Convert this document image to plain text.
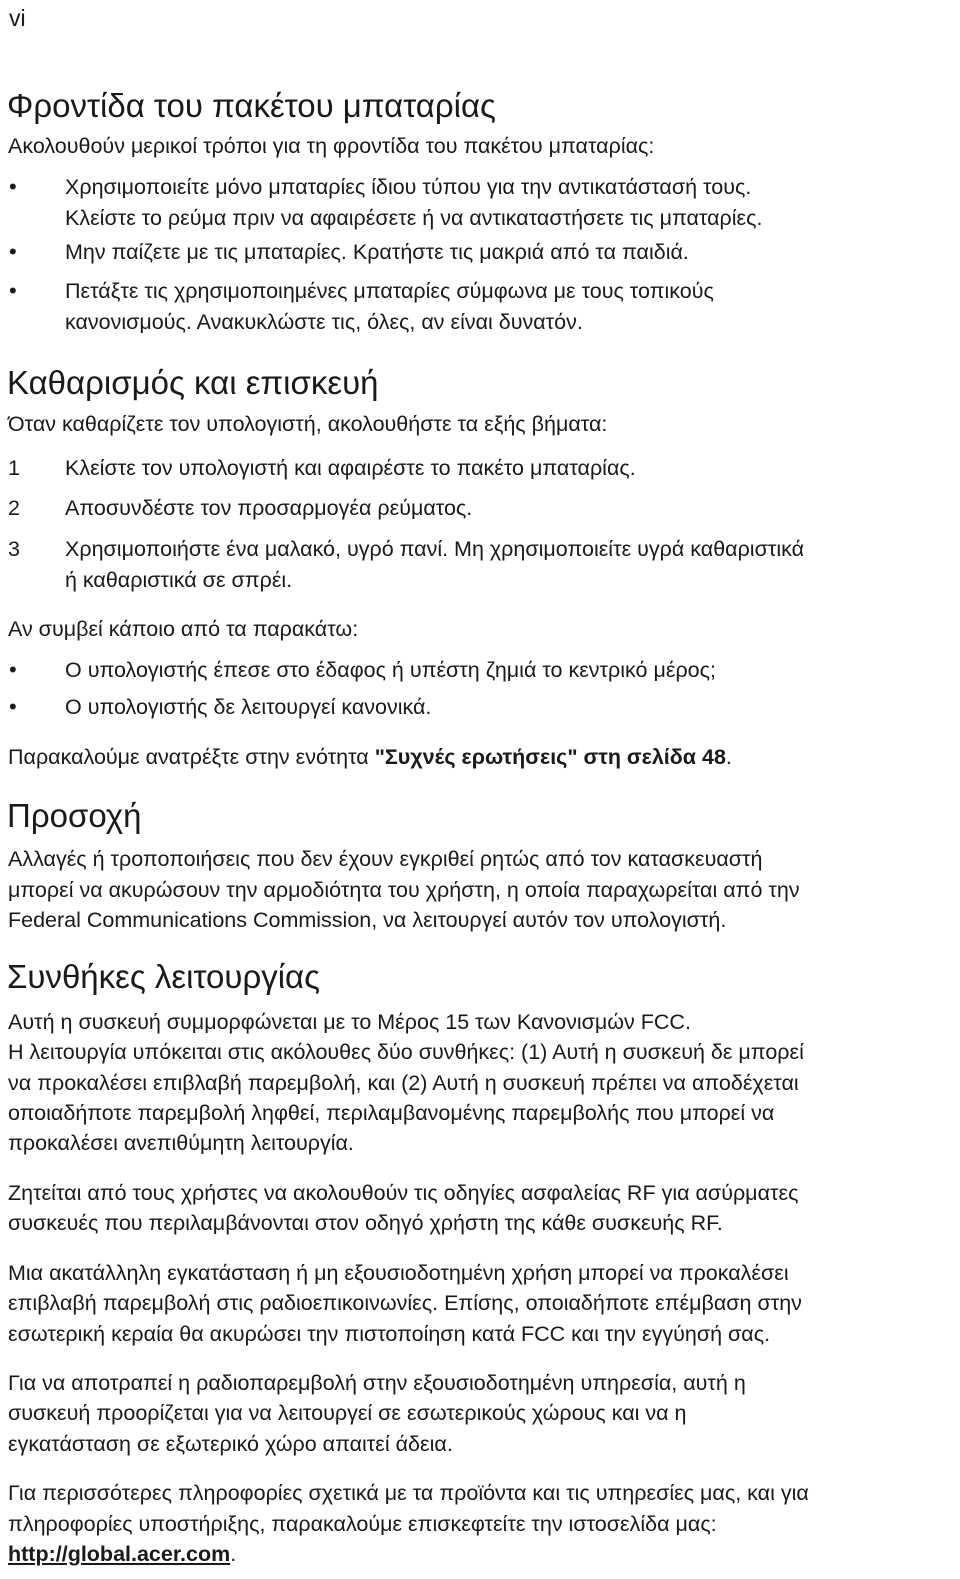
vi
Φροντίδα του πακέτου μπαταρίας
Ακολουθούν μερικοί τρόποι για τη φροντίδα του πακέτου μπαταρίας:
• Χρησιμοποιείτε μόνο μπαταρίες ίδιου τύπου για την αντικατάστασή τους.
Κλείστε το ρεύμα πριν να αφαιρέσετε ή να αντικαταστήσετε τις μπαταρίες.
• Μην παίζετε με τις μπαταρίες. Κρατήστε τις μακριά από τα παιδιά.
• Πετάξτε τις χρησιμοποιημένες μπαταρίες σύμφωνα με τους τοπικούς
κανονισμούς. Ανακυκλώστε τις, όλες, αν είναι δυνατόν.
Καθαρισμός και επισκευή
Όταν καθαρίζετε τον υπολογιστή, ακολουθήστε τα εξής βήματα:
1 Κλείστε τον υπολογιστή και αφαιρέστε το πακέτο μπαταρίας.
2 Αποσυνδέστε τον προσαρμογέα ρεύματος.
3 Χρησιμοποιήστε ένα μαλακό, υγρό πανί. Μη χρησιμοποιείτε υγρά καθαριστικά
ή καθαριστικά σε σπρέι.
Αν συμβεί κάποιο από τα παρακάτω:
• Ο υπολογιστής έπεσε στο έδαφος ή υπέστη ζημιά το κεντρικό μέρος;
• Ο υπολογιστής δε λειτουργεί κανονικά.
Παρακαλούμε ανατρέξτε στην ενότητα "Συχνές ερωτήσεις" στη σελίδα 48.
Προσοχή
Αλλαγές ή τροποποιήσεις που δεν έχουν εγκριθεί ρητώς από τον κατασκευαστή
μπορεί να ακυρώσουν την αρμοδιότητα του χρήστη, η οποία παραχωρείται από την
Federal Communications Commission, να λειτουργεί αυτόν τον υπολογιστή.
Συνθήκες λειτουργίας
Αυτή η συσκευή συμμορφώνεται με το Μέρος 15 των Κανονισμών FCC.
Η λειτουργία υπόκειται στις ακόλουθες δύο συνθήκες: (1) Αυτή η συσκευή δε μπορεί
να προκαλέσει επιβλαβή παρεμβολή, και (2) Αυτή η συσκευή πρέπει να αποδέχεται
οποιαδήποτε παρεμβολή ληφθεί, περιλαμβανομένης παρεμβολής που μπορεί να
προκαλέσει ανεπιθύμητη λειτουργία.
Ζητείται από τους χρήστες να ακολουθούν τις οδηγίες ασφαλείας RF για ασύρματες
συσκευές που περιλαμβάνονται στον οδηγό χρήστη της κάθε συσκευής RF.
Μια ακατάλληλη εγκατάσταση ή μη εξουσιοδοτημένη χρήση μπορεί να προκαλέσει
επιβλαβή παρεμβολή στις ραδιοεπικοινωνίες. Επίσης, οποιαδήποτε επέμβαση στην
εσωτερική κεραία θα ακυρώσει την πιστοποίηση κατά FCC και την εγγύησή σας.
Για να αποτραπεί η ραδιοπαρεμβολή στην εξουσιοδοτημένη υπηρεσία, αυτή η
συσκευή προορίζεται για να λειτουργεί σε εσωτερικούς χώρους και να η
εγκατάσταση σε εξωτερικό χώρο απαιτεί άδεια.
Για περισσότερες πληροφορίες σχετικά με τα προϊόντα και τις υπηρεσίες μας, και για
πληροφορίες υποστήριξης, παρακαλούμε επισκεφτείτε την ιστοσελίδα μας:
http://global.acer.com.
